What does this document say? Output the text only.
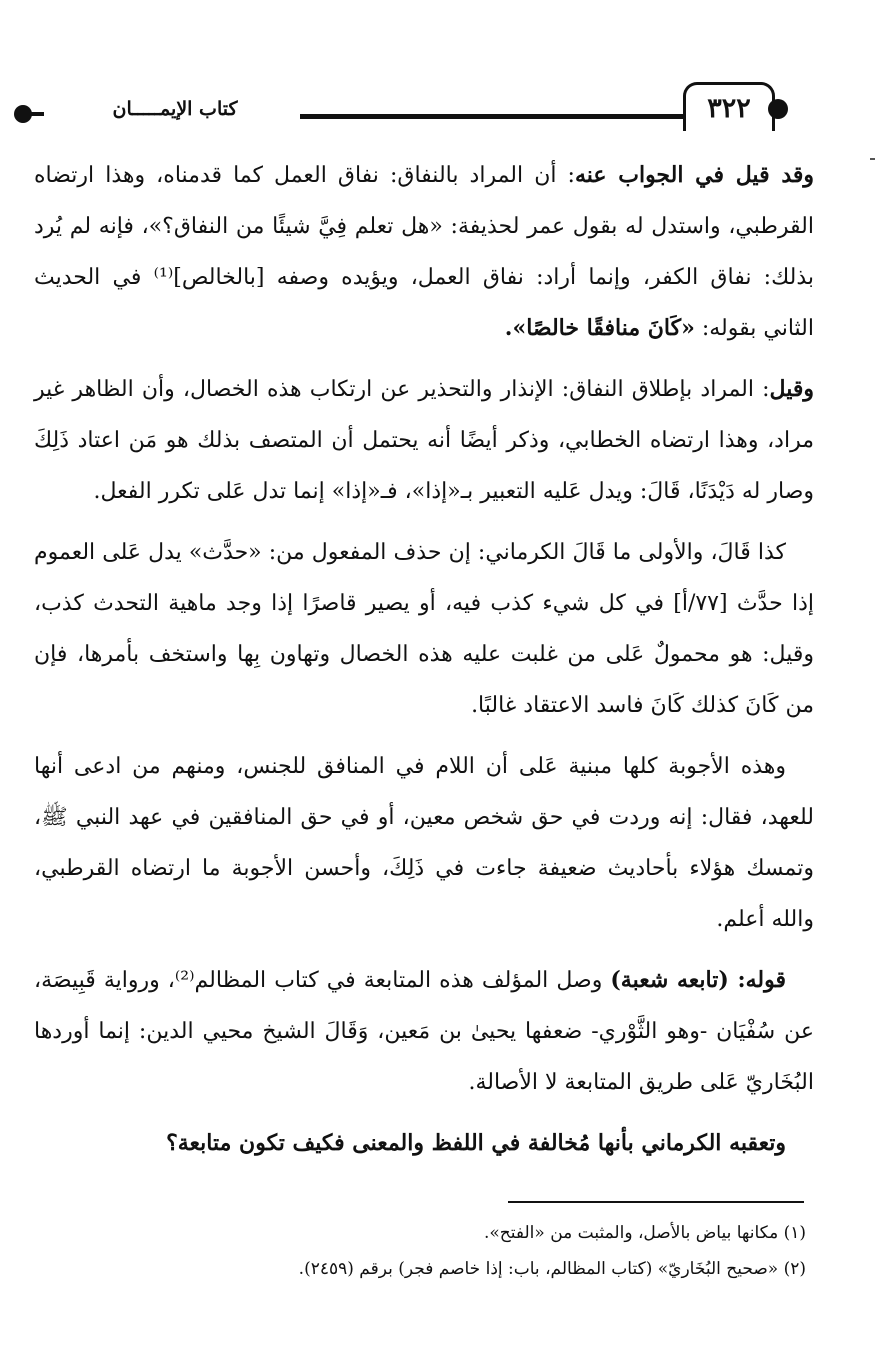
كتاب الإيمـــــان	٣٢٢

وقد قيل في الجواب عنه: أن المراد بالنفاق: نفاق العمل كما قدمناه، وهذا ارتضاه القرطبي، واستدل له بقول عمر لحذيفة: «هل تعلم فِيَّ شيئًا من النفاق؟»، فإنه لم يُرد بذلك: نفاق الكفر، وإنما أراد: نفاق العمل، ويؤيده وصفه [بالخالص]⁽¹⁾ في الحديث الثاني بقوله: «كَانَ منافقًا خالصًا».

وقيل: المراد بإطلاق النفاق: الإنذار والتحذير عن ارتكاب هذه الخصال، وأن الظاهر غير مراد، وهذا ارتضاه الخطابي، وذكر أيضًا أنه يحتمل أن المتصف بذلك هو مَن اعتاد ذَلِكَ وصار له دَيْدَنًا، قَالَ: ويدل عَليه التعبير بـ«إذا»، فـ«إذا» إنما تدل عَلى تكرر الفعل.

كذا قَالَ، والأولى ما قَالَ الكرماني: إن حذف المفعول من: «حدَّث» يدل عَلى العموم إذا حدَّث [٧٧/أ] في كل شيء كذب فيه، أو يصير قاصرًا إذا وجد ماهية التحدث كذب، وقيل: هو محمولٌ عَلى من غلبت عليه هذه الخصال وتهاون بِها واستخف بأمرها، فإن من كَانَ كذلك كَانَ فاسد الاعتقاد غالبًا.

وهذه الأجوبة كلها مبنية عَلى أن اللام في المنافق للجنس، ومنهم من ادعى أنها للعهد، فقال: إنه وردت في حق شخص معين، أو في حق المنافقين في عهد النبي ﷺ، وتمسك هؤلاء بأحاديث ضعيفة جاءت في ذَلِكَ، وأحسن الأجوبة ما ارتضاه القرطبي، والله أعلم.

قوله: (تابعه شعبة) وصل المؤلف هذه المتابعة في كتاب المظالم⁽²⁾، ورواية قَبِيصَة، عن سُفْيَان -وهو الثَّوْري- ضعفها يحيىٰ بن مَعين، وَقَالَ الشيخ محيي الدين: إنما أوردها البُخَاريّ عَلى طريق المتابعة لا الأصالة.

وتعقبه الكرماني بأنها مُخالفة في اللفظ والمعنى فكيف تكون متابعة؟

(١) مكانها بياض بالأصل، والمثبت من «الفتح».
(٢) «صحيح البُخَاريّ» (كتاب المظالم، باب: إذا خاصم فجر) برقم (٢٤٥٩).
